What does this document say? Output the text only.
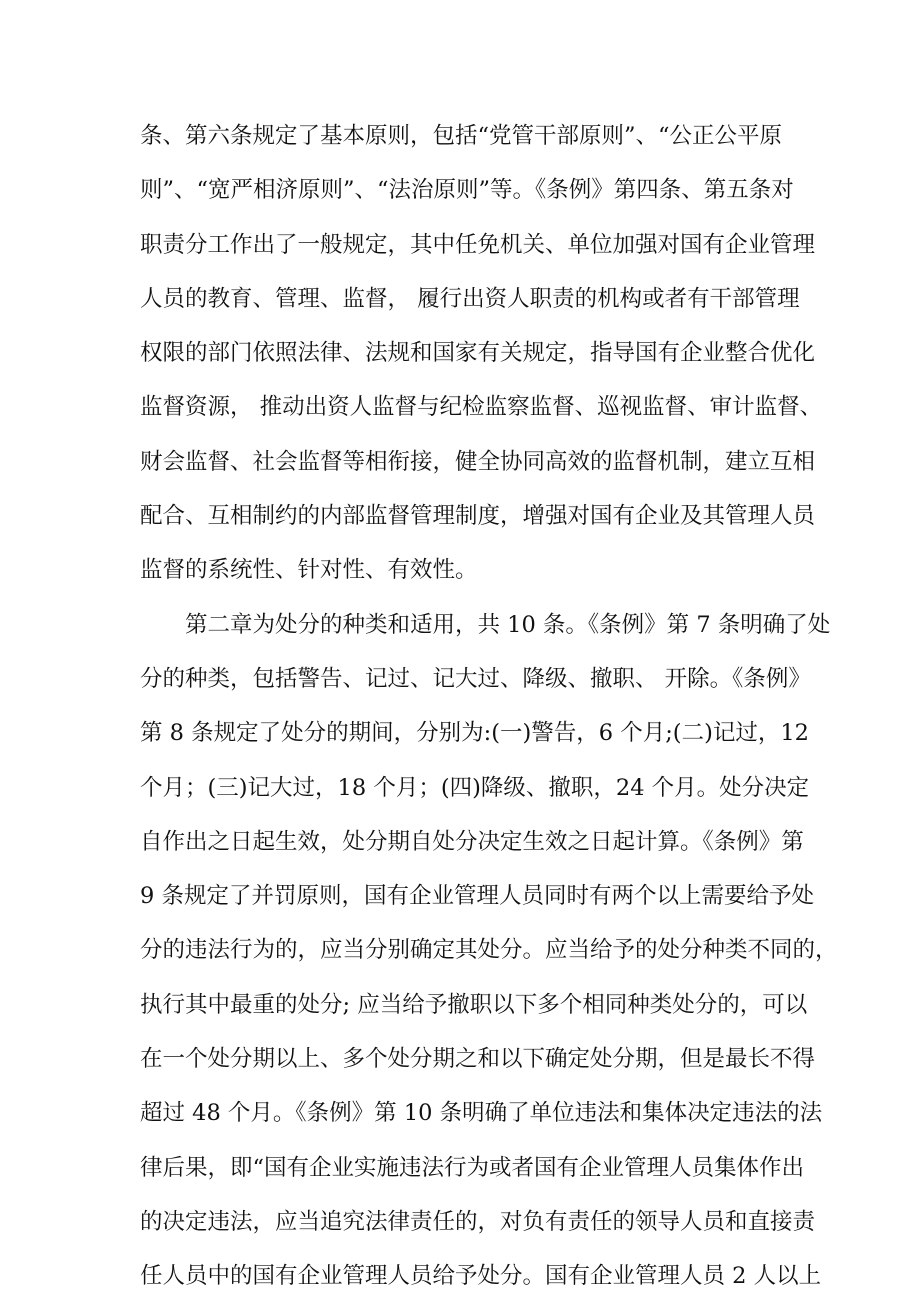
条、第六条规定了基本原则，包括“党管干部原则”、“公正公平原
则”、“宽严相济原则”、“法治原则”等。《条例》第四条、第五条对
职责分工作出了一般规定，其中任免机关、单位加强对国有企业管理
人员的教育、管理、监督， 履行出资人职责的机构或者有干部管理
权限的部门依照法律、法规和国家有关规定，指导国有企业整合优化
监督资源， 推动出资人监督与纪检监察监督、巡视监督、审计监督、
财会监督、社会监督等相衔接，健全协同高效的监督机制，建立互相
配合、互相制约的内部监督管理制度，增强对国有企业及其管理人员
监督的系统性、针对性、有效性。
　　第二章为处分的种类和适用，共 10 条。《条例》第 7 条明确了处
分的种类，包括警告、记过、记大过、降级、撤职、 开除。《条例》
第 8 条规定了处分的期间，分别为:(一)警告，6 个月;(二)记过，12
个月；(三)记大过，18 个月；(四)降级、撤职，24 个月。处分决定
自作出之日起生效，处分期自处分决定生效之日起计算。《条例》第
9 条规定了并罚原则，国有企业管理人员同时有两个以上需要给予处
分的违法行为的，应当分别确定其处分。应当给予的处分种类不同的，
执行其中最重的处分; 应当给予撤职以下多个相同种类处分的，可以
在一个处分期以上、多个处分期之和以下确定处分期，但是最长不得
超过 48 个月。《条例》第 10 条明确了单位违法和集体决定违法的法
律后果，即“国有企业实施违法行为或者国有企业管理人员集体作出
的决定违法，应当追究法律责任的，对负有责任的领导人员和直接责
任人员中的国有企业管理人员给予处分。国有企业管理人员 2 人以上
